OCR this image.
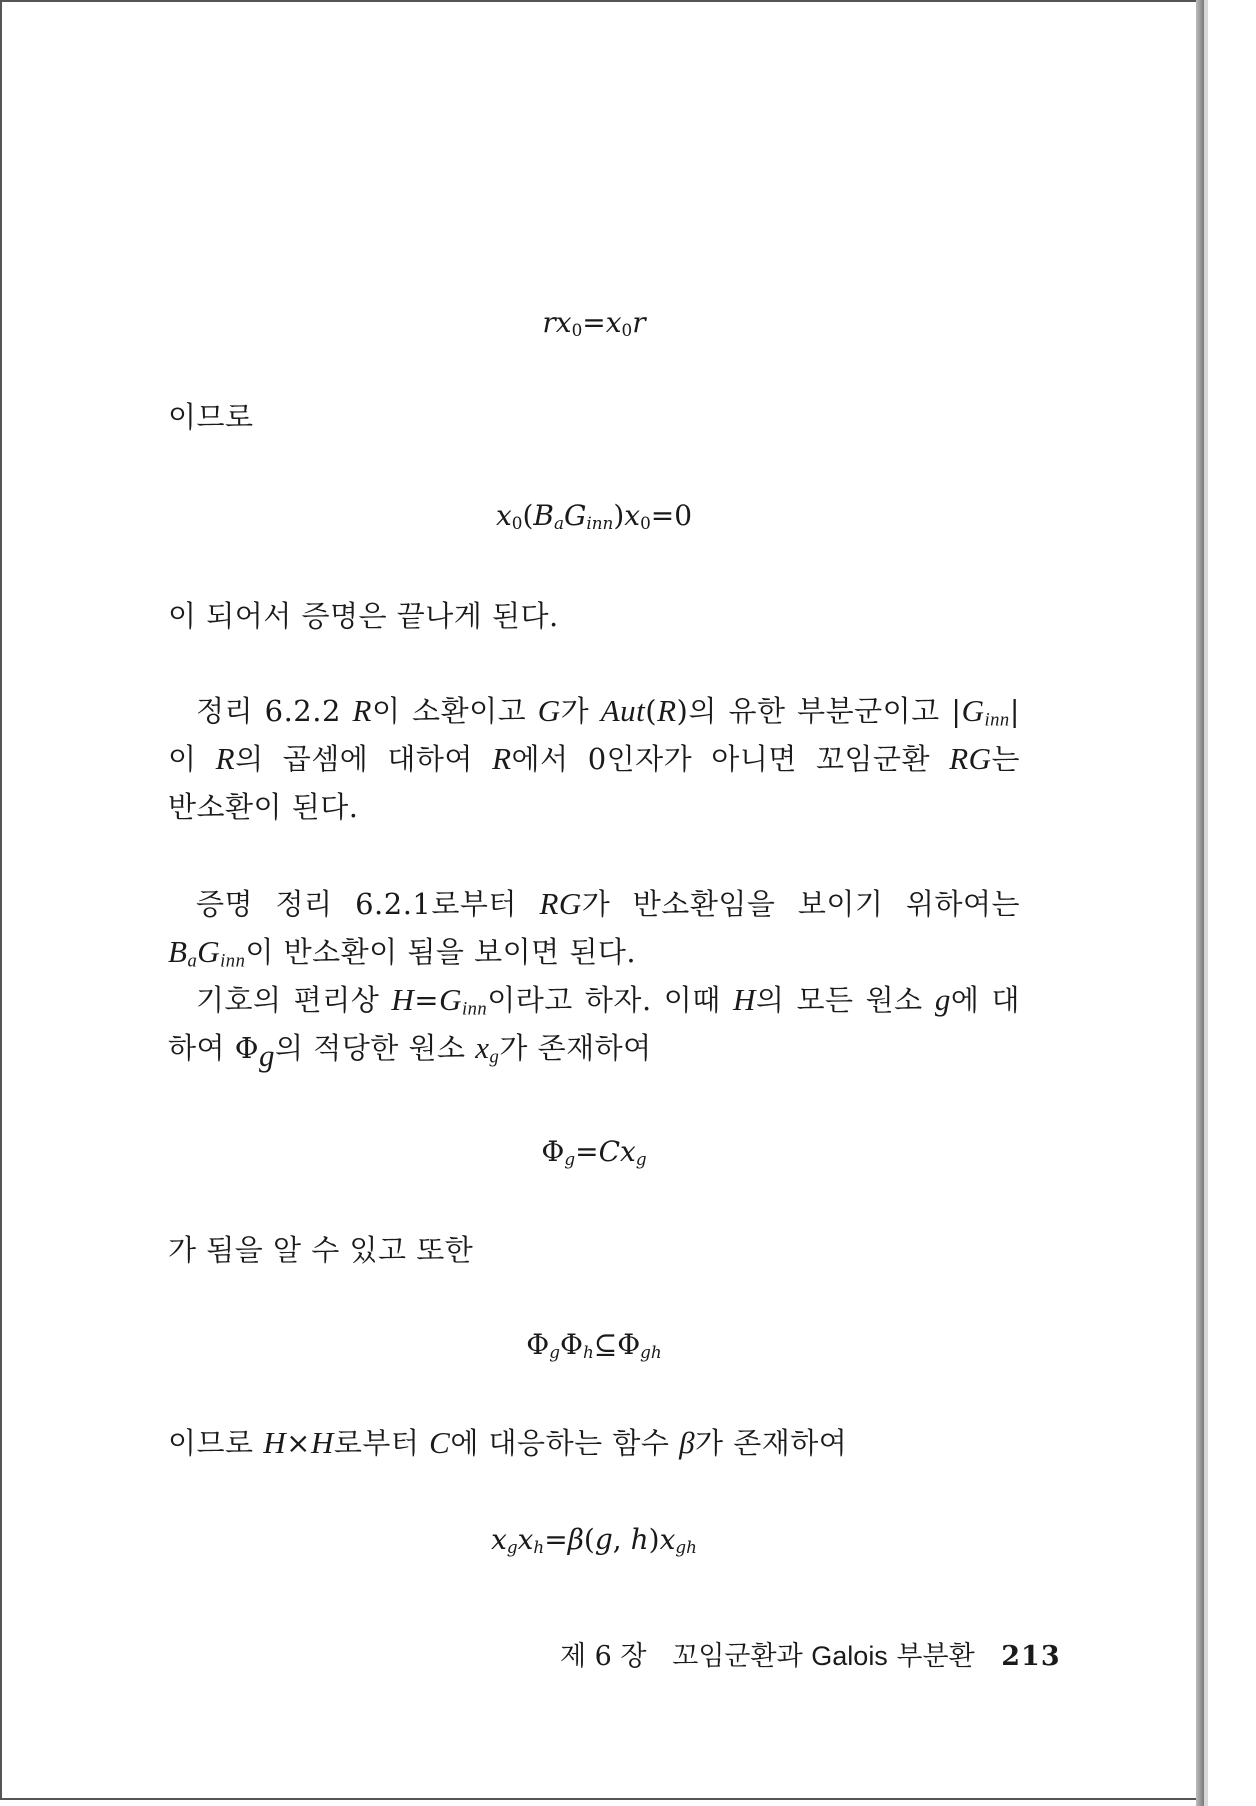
$rx_0=x_0r$
이므로
$x_0(B_aG_{inn})x_0=0$
이 되어서 증명은 끝나게 된다.
정리 6.2.2 R이 소환이고 G가 Aut(R)의 유한 부분군이고 $|G_{inn}|$이 R의 곱셈에 대하여 R에서 0인자가 아니면 꼬임군환 RG는
반소환이 된다.
증명 정리 6.2.1로부터 RG가 반소환임을 보이기 위하여는
$B_aG_{inn}$이 반소환이 됨을 보이면 된다.
기호의 편리상 $H=G_{inn}$이라고 하자. 이때 H의 모든 원소 g에 대
하여 $\Phi_g$의 적당한 원소 $x_g$가 존재하여
$\Phi_g=Cx_g$
가 됨을 알 수 있고 또한
$\Phi_g\Phi_h⊆\Phi_{gh}$
이므로 H×H로부터 C에 대응하는 함수 β가 존재하여
$x_gx_h=\beta(g$, $h)x_{gh}$
제 6 장 꼬임군환과 Galois 부분환 213
